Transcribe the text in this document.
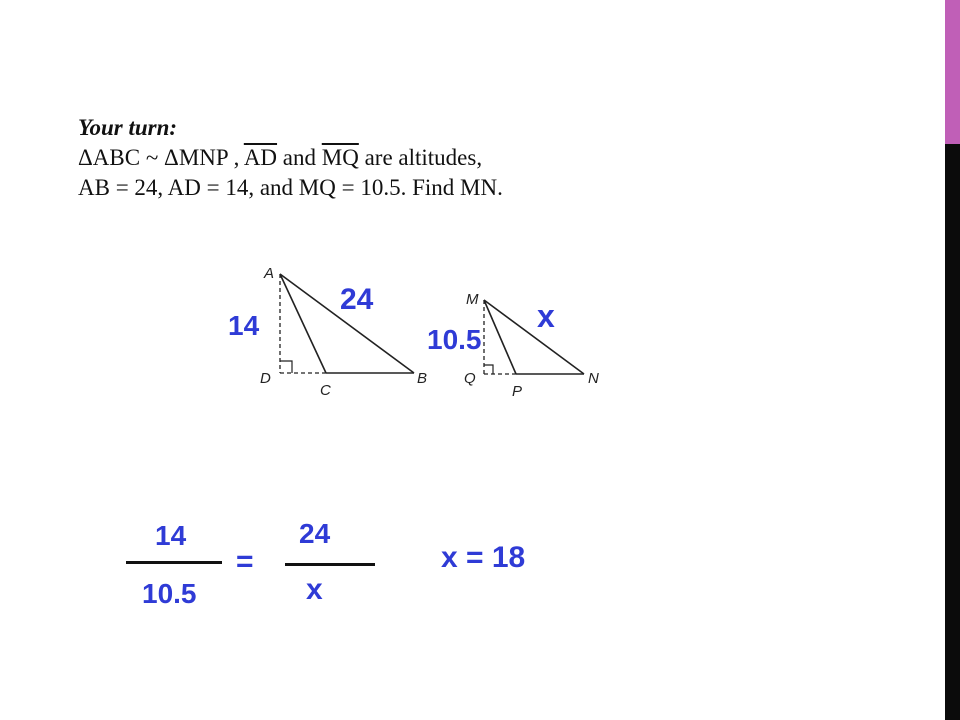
Your turn:
ΔABC ~ ΔMNP , $\overline{AD}$ and $\overline{MQ}$ are altitudes,
AB = 24, AD = 14, and MQ = 10.5. Find MN.
A
D
C
B
M
Q
P
N
24
14	10.5
x
14
10.5
=
24
x
x = 18
